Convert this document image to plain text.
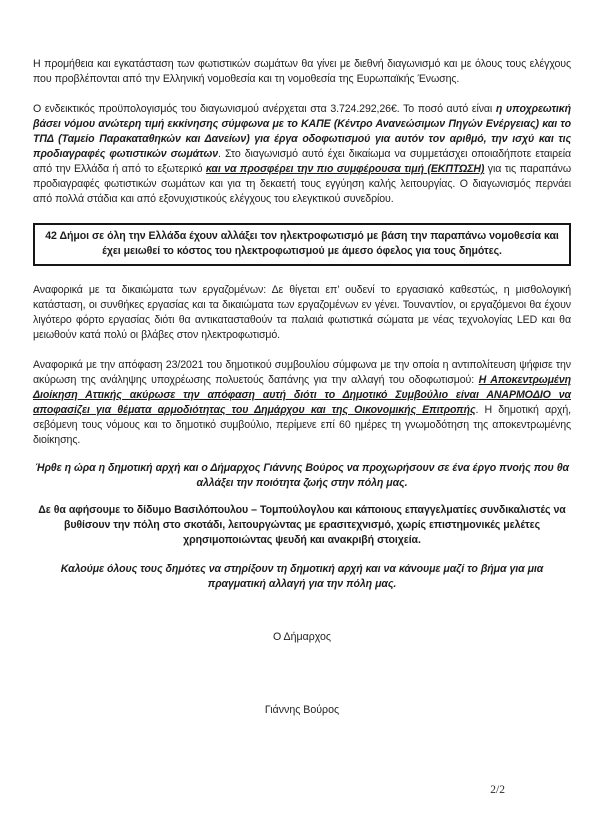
Η προμήθεια και εγκατάσταση των φωτιστικών σωμάτων θα γίνει με διεθνή διαγωνισμό και με όλους τους ελέγχους που προβλέπονται από την Ελληνική νομοθεσία και τη νομοθεσία της Ευρωπαϊκής Ένωσης.

Ο ενδεικτικός προϋπολογισμός του διαγωνισμού ανέρχεται στα 3.724.292,26€. Το ποσό αυτό είναι η υποχρεωτική βάσει νόμου ανώτερη τιμή εκκίνησης σύμφωνα με το ΚΑΠΕ (Κέντρο Ανανεώσιμων Πηγών Ενέργειας) και το ΤΠΔ (Ταμείο Παρακαταθηκών και Δανείων) για έργα οδοφωτισμού για αυτόν τον αριθμό, την ισχύ και τις προδιαγραφές φωτιστικών σωμάτων. Στο διαγωνισμό αυτό έχει δικαίωμα να συμμετάσχει οποιαδήποτε εταιρεία από την Ελλάδα ή από το εξωτερικό και να προσφέρει την πιο συμφέρουσα τιμή (ΕΚΠΤΩΣΗ) για τις παραπάνω προδιαγραφές φωτιστικών σωμάτων και για τη δεκαετή τους εγγύηση καλής λειτουργίας. Ο διαγωνισμός περνάει από πολλά στάδια και από εξονυχιστικούς ελέγχους του ελεγκτικού συνεδρίου.

42 Δήμοι σε όλη την Ελλάδα έχουν αλλάξει τον ηλεκτροφωτισμό με βάση την παραπάνω νομοθεσία και έχει μειωθεί το κόστος του ηλεκτροφωτισμού με άμεσο όφελος για τους δημότες.

Αναφορικά με τα δικαιώματα των εργαζομένων: Δε θίγεται επ’ ουδενί το εργασιακό καθεστώς, η μισθολογική κατάσταση, οι συνθήκες εργασίας και τα δικαιώματα των εργαζομένων εν γένει. Τουναντίον, οι εργαζόμενοι θα έχουν λιγότερο φόρτο εργασίας διότι θα αντικατασταθούν τα παλαιά φωτιστικά σώματα με νέας τεχνολογίας LED και θα μειωθούν κατά πολύ οι βλάβες στον ηλεκτροφωτισμό.

Αναφορικά με την απόφαση 23/2021 του δημοτικού συμβουλίου σύμφωνα με την οποία η αντιπολίτευση ψήφισε την ακύρωση της ανάληψης υποχρέωσης πολυετούς δαπάνης για την αλλαγή του οδοφωτισμού: Η Αποκεντρωμένη Διοίκηση Αττικής ακύρωσε την απόφαση αυτή διότι το Δημοτικό Συμβούλιο είναι ΑΝΑΡΜΟΔΙΟ να αποφασίζει για θέματα αρμοδιότητας του Δημάρχου και της Οικονομικής Επιτροπής. Η δημοτική αρχή, σεβόμενη τους νόμους και το δημοτικό συμβούλιο, περίμενε επί 60 ημέρες τη γνωμοδότηση της αποκεντρωμένης διοίκησης.

Ήρθε η ώρα η δημοτική αρχή και ο Δήμαρχος Γιάννης Βούρος να προχωρήσουν σε ένα έργο πνοής που θα αλλάξει την ποιότητα ζωής στην πόλη μας.

Δε θα αφήσουμε το δίδυμο Βασιλόπουλου – Τομπούλογλου και κάποιους επαγγελματίες συνδικαλιστές να βυθίσουν την πόλη στο σκοτάδι, λειτουργώντας με ερασιτεχνισμό, χωρίς επιστημονικές μελέτες χρησιμοποιώντας ψευδή και ανακριβή στοιχεία.

Καλούμε όλους τους δημότες να στηρίξουν τη δημοτική αρχή και να κάνουμε μαζί το βήμα για μια πραγματική αλλαγή για την πόλη μας.

Ο Δήμαρχος
Γιάννης Βούρος
2/2
